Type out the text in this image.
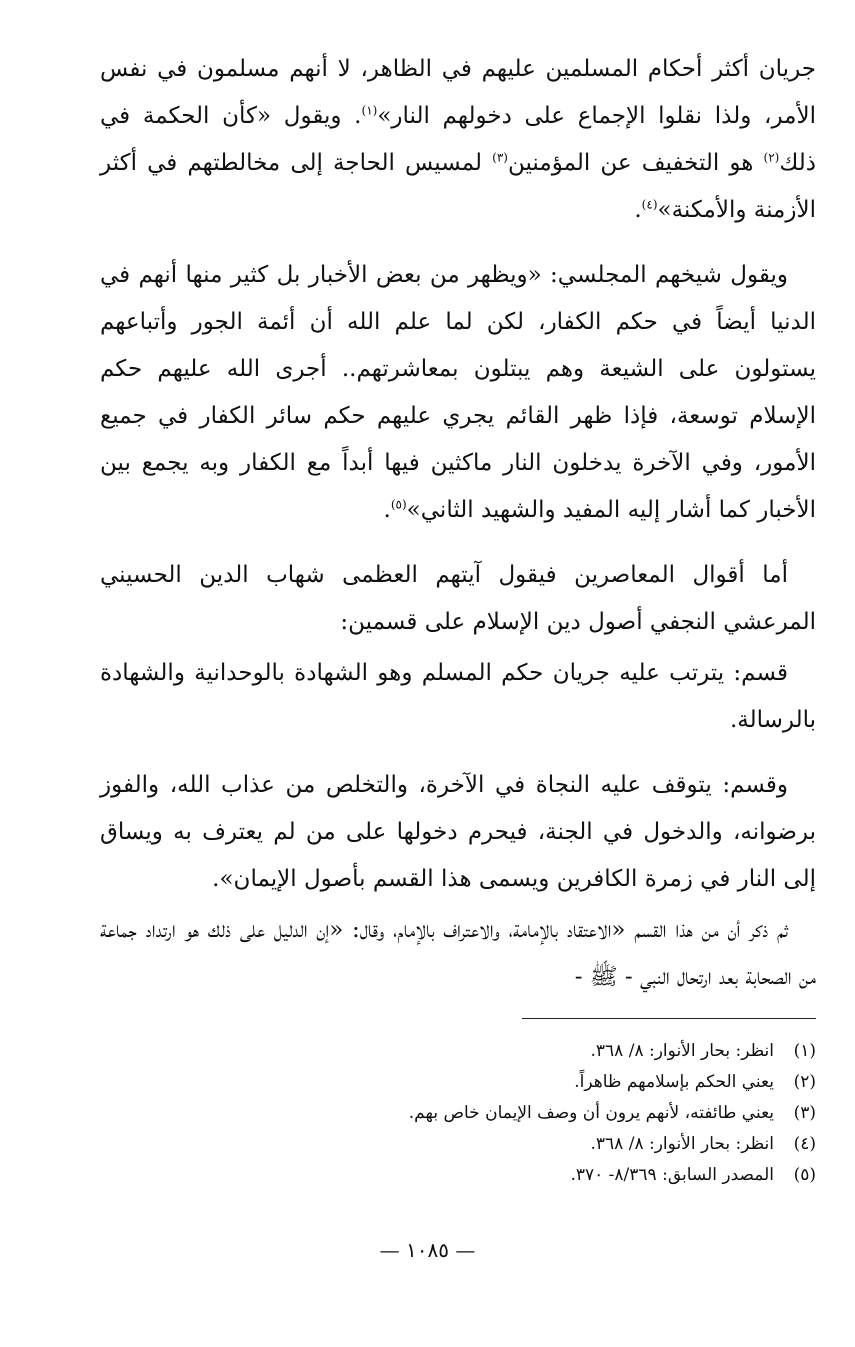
جريان أكثر أحكام المسلمين عليهم في الظاهر، لا أنهم مسلمون في نفس الأمر، ولذا نقلوا الإجماع على دخولهم النار»$^{(١)}$. ويقول «كأن الحكمة في ذلك$^{(٢)}$ هو التخفيف عن المؤمنين$^{(٣)}$ لمسيس الحاجة إلى مخالطتهم في أكثر الأزمنة والأمكنة»$^{(٤)}$.

ويقول شيخهم المجلسي: «ويظهر من بعض الأخبار بل كثير منها أنهم في الدنيا أيضاً في حكم الكفار، لكن لما علم الله أن أئمة الجور وأتباعهم يستولون على الشيعة وهم يبتلون بمعاشرتهم.. أجرى الله عليهم حكم الإسلام توسعة، فإذا ظهر القائم يجري عليهم حكم سائر الكفار في جميع الأمور، وفي الآخرة يدخلون النار ماكثين فيها أبداً مع الكفار وبه يجمع بين الأخبار كما أشار إليه المفيد والشهيد الثاني»$^{(٥)}$.

أما أقوال المعاصرين فيقول آيتهم العظمى شهاب الدين الحسيني المرعشي النجفي أصول دين الإسلام على قسمين:

قسم: يترتب عليه جريان حكم المسلم وهو الشهادة بالوحدانية والشهادة بالرسالة.

وقسم: يتوقف عليه النجاة في الآخرة، والتخلص من عذاب الله، والفوز برضوانه، والدخول في الجنة، فيحرم دخولها على من لم يعترف به ويساق إلى النار في زمرة الكافرين ويسمى هذا القسم بأصول الإيمان».

ثم ذكر أن من هذا القسم «الاعتقاد بالإمامة، والاعتراف بالإمام، وقال: «إن الدليل على ذلك هو ارتداد جماعة من الصحابة بعد ارتحال النبي - ﷺ -

(١)
انظر: بحار الأنوار: ٨/ ٣٦٨.
(٢)
يعني الحكم بإسلامهم ظاهراً.
(٣)
يعني طائفته، لأنهم يرون أن وصف الإيمان خاص بهم.
(٤)
انظر: بحار الأنوار: ٨/ ٣٦٨.
(٥)
المصدر السابق: ٨/٣٦٩- ٣٧٠.
— ١٠٨٥ —
